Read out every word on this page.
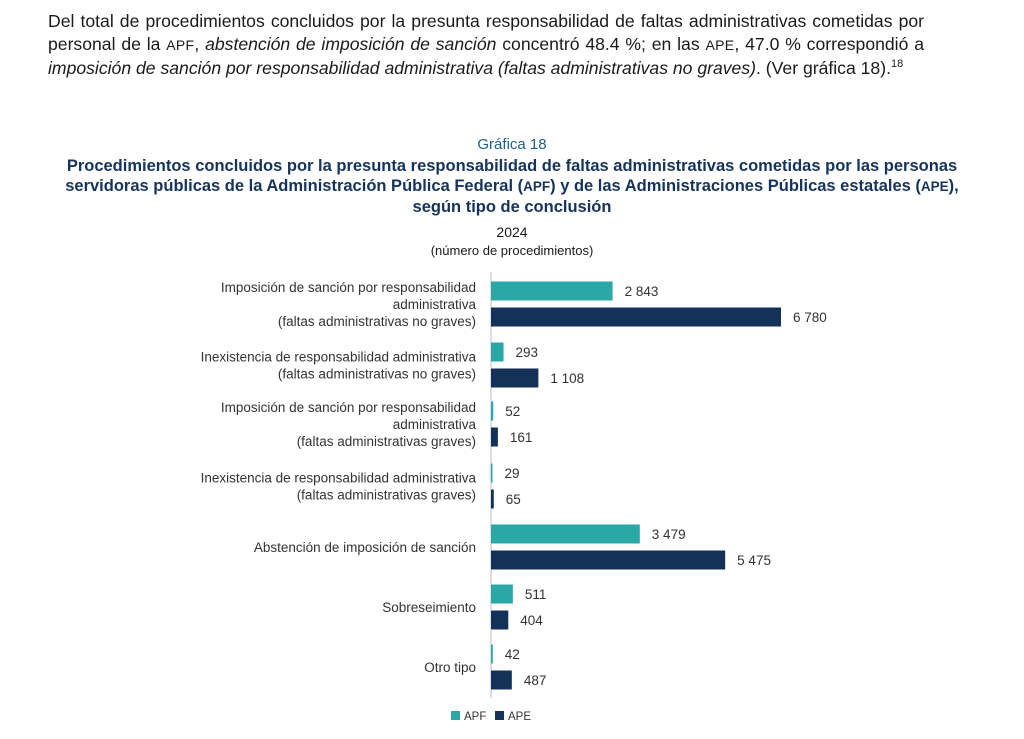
Del total de procedimientos concluidos por la presunta responsabilidad de faltas administrativas cometidas por personal de la APF, abstención de imposición de sanción concentró 48.4 %; en las APE, 47.0 % correspondió a imposición de sanción por responsabilidad administrativa (faltas administrativas no graves). (Ver gráfica 18).$^{18}$

Gráfica 18
Procedimientos concluidos por la presunta responsabilidad de faltas administrativas cometidas por las personas servidoras públicas de la Administración Pública Federal (APF) y de las Administraciones Públicas estatales (APE), según tipo de conclusión
2024
(número de procedimientos)
Imposición de sanción por responsabilidad administrativa (faltas administrativas no graves)
2 843
6 780
Inexistencia de responsabilidad administrativa (faltas administrativas no graves)
293
1 108
Imposición de sanción por responsabilidad administrativa (faltas administrativas graves)
52
161
Inexistencia de responsabilidad administrativa (faltas administrativas graves)
29
65
Abstención de imposición de sanción
3 479
5 475
Sobreseimiento
511
404
Otro tipo
42
487
APF APE
